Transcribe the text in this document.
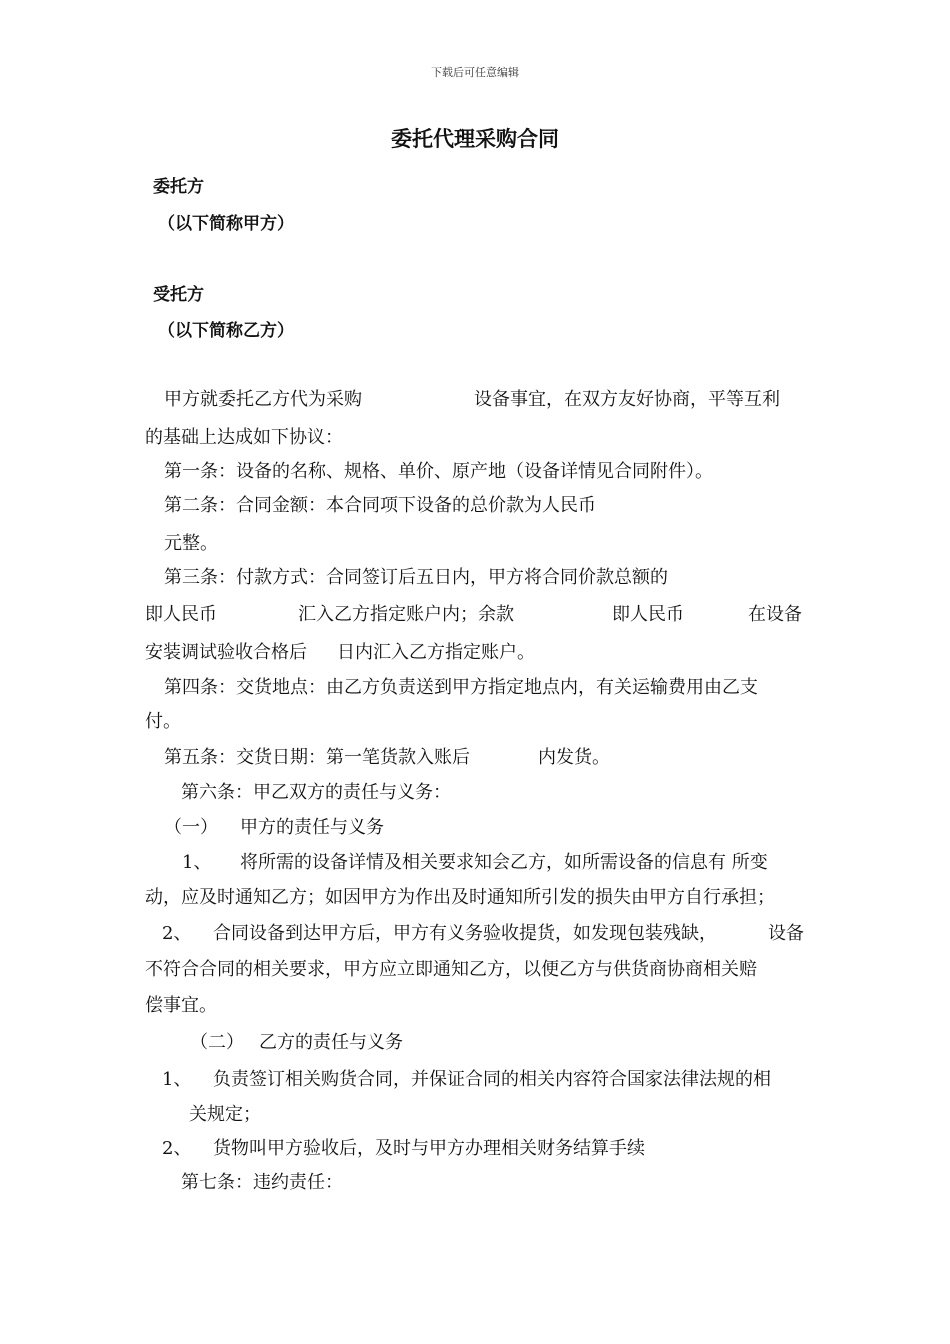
下载后可任意编辑
委托代理采购合同
委托方
（以下简称甲方）
受托方
（以下简称乙方）
甲方就委托乙方代为采购	设备事宜，在双方友好协商，平等互利
的基础上达成如下协议：
第一条：设备的名称、规格、单价、原产地（设备详情见合同附件）。
第二条：合同金额：本合同项下设备的总价款为人民币
元整。
第三条：付款方式：合同签订后五日内，甲方将合同价款总额的
即人民币	汇入乙方指定账户内；余款	即人民币	在设备
安装调试验收合格后 日内汇入乙方指定账户。
第四条：交货地点：由乙方负责送到甲方指定地点内，有关运输费用由乙支
付。
第五条：交货日期：第一笔货款入账后	内发货。
第六条：甲乙双方的责任与义务：
（一） 甲方的责任与义务
1、 将所需的设备详情及相关要求知会乙方，如所需设备的信息有 所变
动，应及时通知乙方；如因甲方为作出及时通知所引发的损失由甲方自行承担；
2、 合同设备到达甲方后，甲方有义务验收提货，如发现包装残缺，	设备
不符合合同的相关要求，甲方应立即通知乙方，以便乙方与供货商协商相关赔
偿事宜。
（二） 乙方的责任与义务
1、 负责签订相关购货合同，并保证合同的相关内容符合国家法律法规的相
关规定；
2、 货物叫甲方验收后，及时与甲方办理相关财务结算手续
第七条：违约责任：
